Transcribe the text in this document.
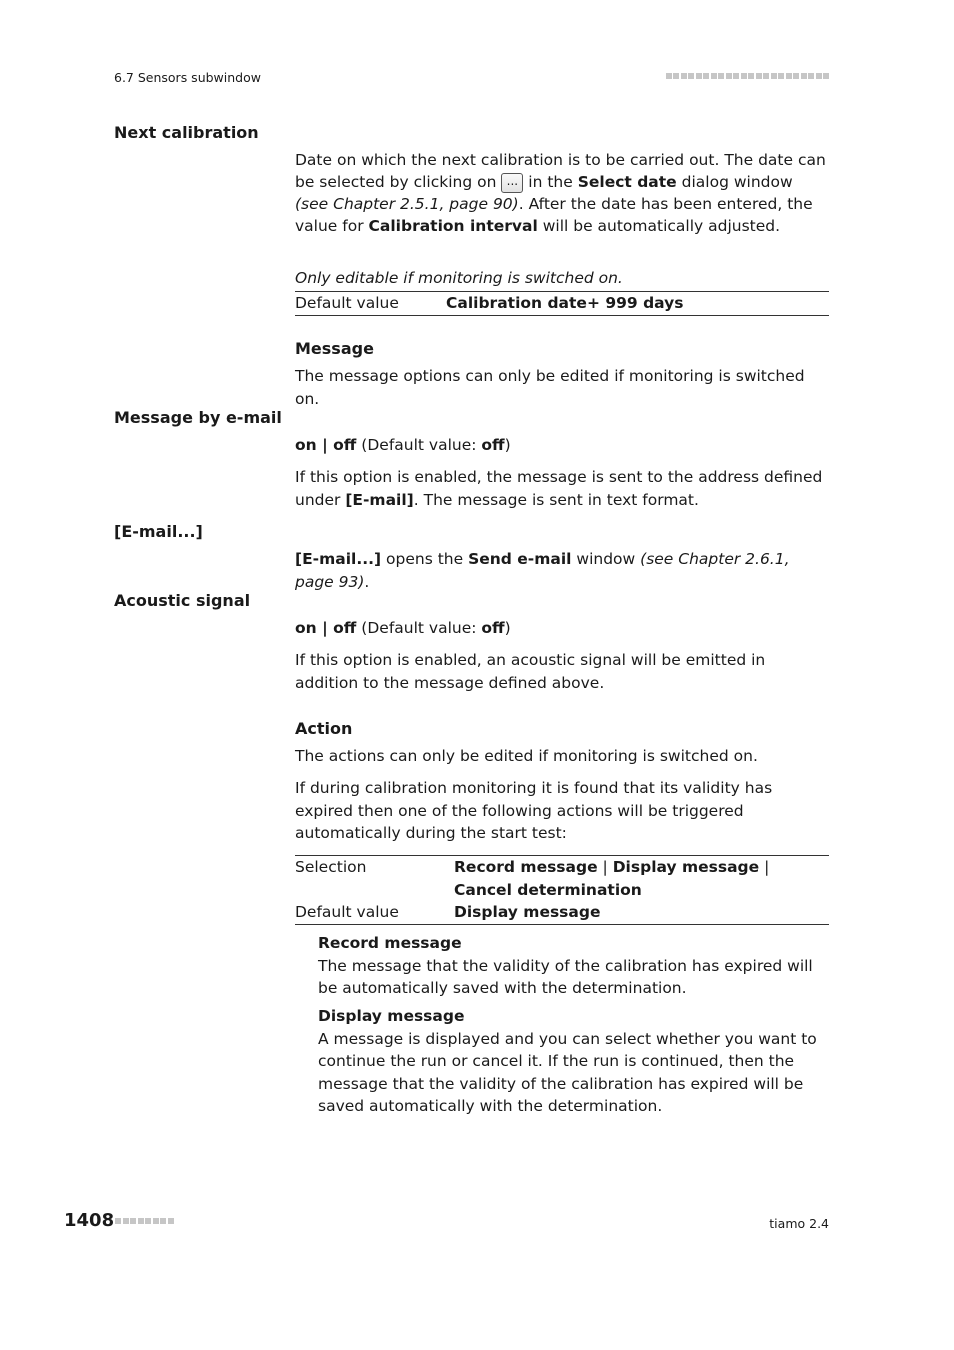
6.7 Sensors subwindow
Next calibration

Date on which the next calibration is to be carried out. The date can be selected by clicking on ... in the Select date dialog window (see Chapter 2.5.1, page 90). After the date has been entered, the value for Calibration interval will be automatically adjusted.

Only editable if monitoring is switched on.
Default value	Calibration date+ 999 days
Message
The message options can only be edited if monitoring is switched on.
Message by e-mail
on | off (Default value: off)
If this option is enabled, the message is sent to the address defined under [E-mail]. The message is sent in text format.
[E-mail...]
[E-mail...] opens the Send e-mail window (see Chapter 2.6.1, page 93).
Acoustic signal
on | off (Default value: off)
If this option is enabled, an acoustic signal will be emitted in addition to the message defined above.
Action
The actions can only be edited if monitoring is switched on.
If during calibration monitoring it is found that its validity has expired then one of the following actions will be triggered automatically during the start test:
Selection	Record message | Display message | Cancel determination
Default value	Display message
Record message
The message that the validity of the calibration has expired will be automatically saved with the determination.
Display message
A message is displayed and you can select whether you want to continue the run or cancel it. If the run is continued, then the message that the validity of the calibration has expired will be saved automatically with the determination.
1408	tiamo 2.4
